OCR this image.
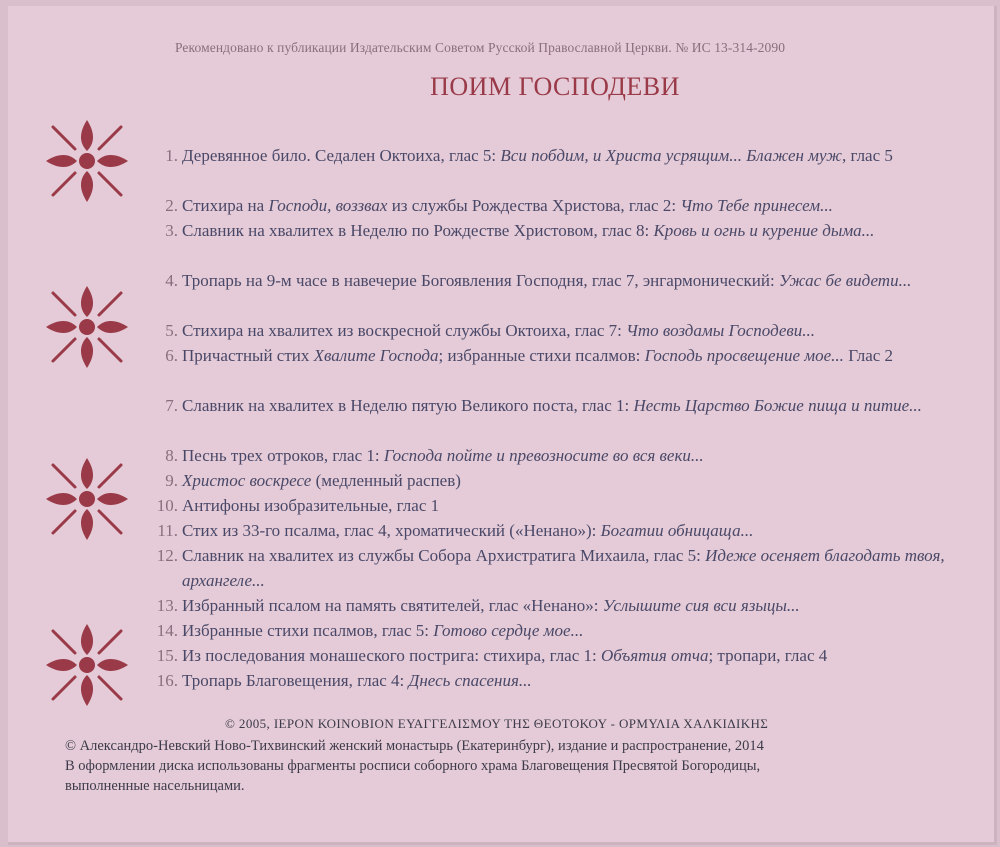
Рекомендовано к публикации Издательским Советом Русской Православной Церкви. № ИС 13-314-2090
ПОИМ ГОСПОДЕВИ
1. Деревянное било. Седален Октоиха, глас 5: Вси побдим, и Христа усрящим... Блажен муж, глас 5
2. Стихира на Господи, воззвах из службы Рождества Христова, глас 2: Что Тебе принесем...
3. Славник на хвалитех в Неделю по Рождестве Христовом, глас 8: Кровь и огнь и курение дыма...
4. Тропарь на 9-м часе в навечерие Богоявления Господня, глас 7, энгармонический: Ужас бе видети...
5. Стихира на хвалитех из воскресной службы Октоиха, глас 7: Что воздамы Господеви...
6. Причастный стих Хвалите Господа; избранные стихи псалмов: Господь просвещение мое... Глас 2
7. Славник на хвалитех в Неделю пятую Великого поста, глас 1: Несть Царство Божие пища и питие...
8. Песнь трех отроков, глас 1: Господа пойте и превозносите во вся веки...
9. Христос воскресе (медленный распев)
10. Антифоны изобразительные, глас 1
11. Стих из 33-го псалма, глас 4, хроматический («Ненано»): Богатии обницаща...
12. Славник на хвалитех из службы Собора Архистратига Михаила, глас 5: Идеже осеняет благодать твоя, архангеле...
13. Избранный псалом на память святителей, глас «Ненано»: Услышите сия вси языцы...
14. Избранные стихи псалмов, глас 5: Готово сердце мое...
15. Из последования монашеского пострига: стихира, глас 1: Объятия отча; тропари, глас 4
16. Тропарь Благовещения, глас 4: Днесь спасения...
© 2005, ΙΕΡΟΝ ΚΟΙΝΟΒΙΟΝ ΕΥΑΓΓΕΛΙΣΜΟΥ ΤΗΣ ΘΕΟΤΟΚΟΥ - ΟΡΜΥΛΙΑ ΧΑΛΚΙΔΙΚΗΣ
© Александро-Невский Ново-Тихвинский женский монастырь (Екатеринбург), издание и распространение, 2014
В оформлении диска использованы фрагменты росписи соборного храма Благовещения Пресвятой Богородицы,
выполненные насельницами.
